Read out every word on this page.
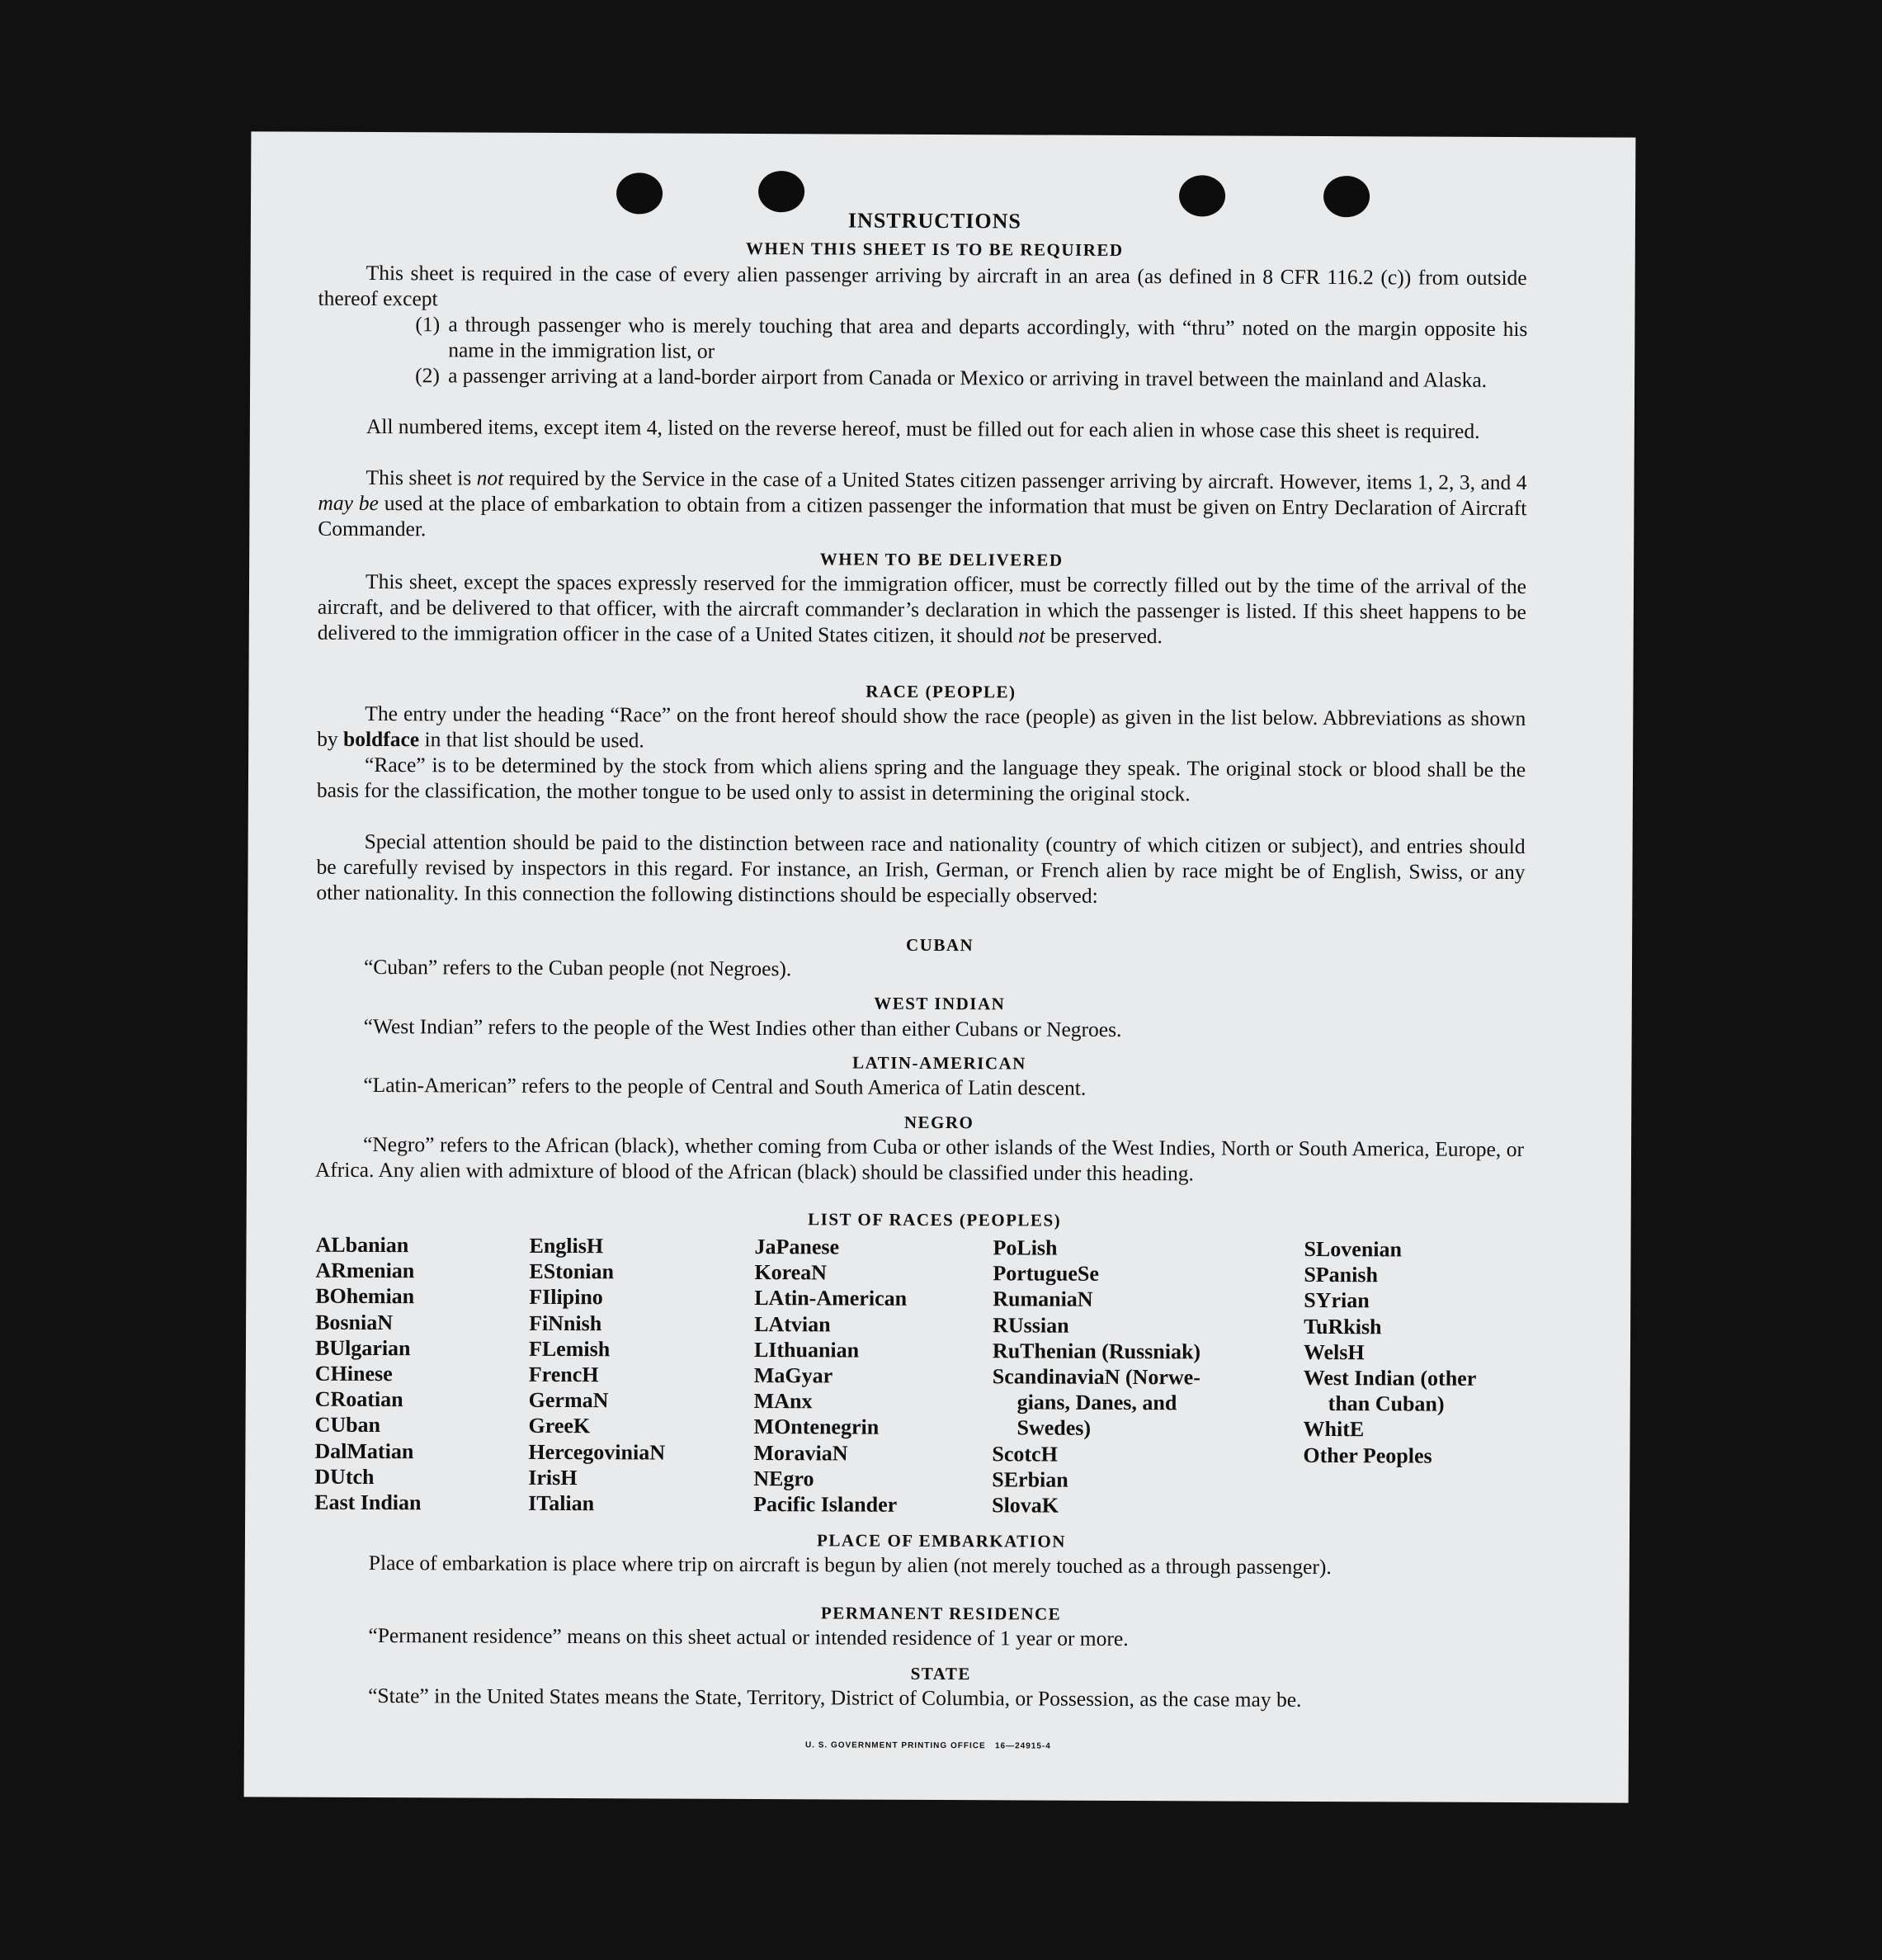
INSTRUCTIONS
WHEN THIS SHEET IS TO BE REQUIRED
This sheet is required in the case of every alien passenger arriving by aircraft in an area (as defined in 8 CFR 116.2 (c)) from outside thereof except
(1) a through passenger who is merely touching that area and departs accordingly, with “thru” noted on the margin opposite his name in the immigration list, or
(2) a passenger arriving at a land-border airport from Canada or Mexico or arriving in travel between the mainland and Alaska.
All numbered items, except item 4, listed on the reverse hereof, must be filled out for each alien in whose case this sheet is required.
This sheet is not required by the Service in the case of a United States citizen passenger arriving by aircraft. However, items 1, 2, 3, and 4 may be used at the place of embarkation to obtain from a citizen passenger the information that must be given on Entry Declaration of Aircraft Commander.
WHEN TO BE DELIVERED
This sheet, except the spaces expressly reserved for the immigration officer, must be correctly filled out by the time of the arrival of the aircraft, and be delivered to that officer, with the aircraft commander’s declaration in which the passenger is listed. If this sheet happens to be delivered to the immigration officer in the case of a United States citizen, it should not be preserved.
RACE (PEOPLE)
The entry under the heading “Race” on the front hereof should show the race (people) as given in the list below. Abbreviations as shown by boldface in that list should be used.
“Race” is to be determined by the stock from which aliens spring and the language they speak. The original stock or blood shall be the basis for the classification, the mother tongue to be used only to assist in determining the original stock.
Special attention should be paid to the distinction between race and nationality (country of which citizen or subject), and entries should be carefully revised by inspectors in this regard. For instance, an Irish, German, or French alien by race might be of English, Swiss, or any other nationality. In this connection the following distinctions should be especially observed:
CUBAN
“Cuban” refers to the Cuban people (not Negroes).
WEST INDIAN
“West Indian” refers to the people of the West Indies other than either Cubans or Negroes.
LATIN-AMERICAN
“Latin-American” refers to the people of Central and South America of Latin descent.
NEGRO
“Negro” refers to the African (black), whether coming from Cuba or other islands of the West Indies, North or South America, Europe, or Africa. Any alien with admixture of blood of the African (black) should be classified under this heading.
LIST OF RACES (PEOPLES)
ALbanian
ARmenian
BOhemian
BosniaN
BUlgarian
CHinese
CRoatian
CUban
DalMatian
DUtch
East Indian
EnglisH
EStonian
FIlipino
FiNnish
FLemish
FrencH
GermaN
GreeK
HercegoviniaN
IrisH
ITalian
JaPanese
KoreaN
LAtin-American
LAtvian
LIthuanian
MaGyar
MAnx
MOntenegrin
MoraviaN
NEgro
Pacific Islander
PoLish
PortugueSe
RumaniaN
RUssian
RuThenian (Russniak)
ScandinaviaN (Norwe-
gians, Danes, and
Swedes)
ScotcH
SErbian
SlovaK
SLovenian
SPanish
SYrian
TuRkish
WelsH
West Indian (other
than Cuban)
WhitE
Other Peoples
PLACE OF EMBARKATION
Place of embarkation is place where trip on aircraft is begun by alien (not merely touched as a through passenger).
PERMANENT RESIDENCE
“Permanent residence” means on this sheet actual or intended residence of 1 year or more.
STATE
“State” in the United States means the State, Territory, District of Columbia, or Possession, as the case may be.
U. S. GOVERNMENT PRINTING OFFICE   16—24915-4
